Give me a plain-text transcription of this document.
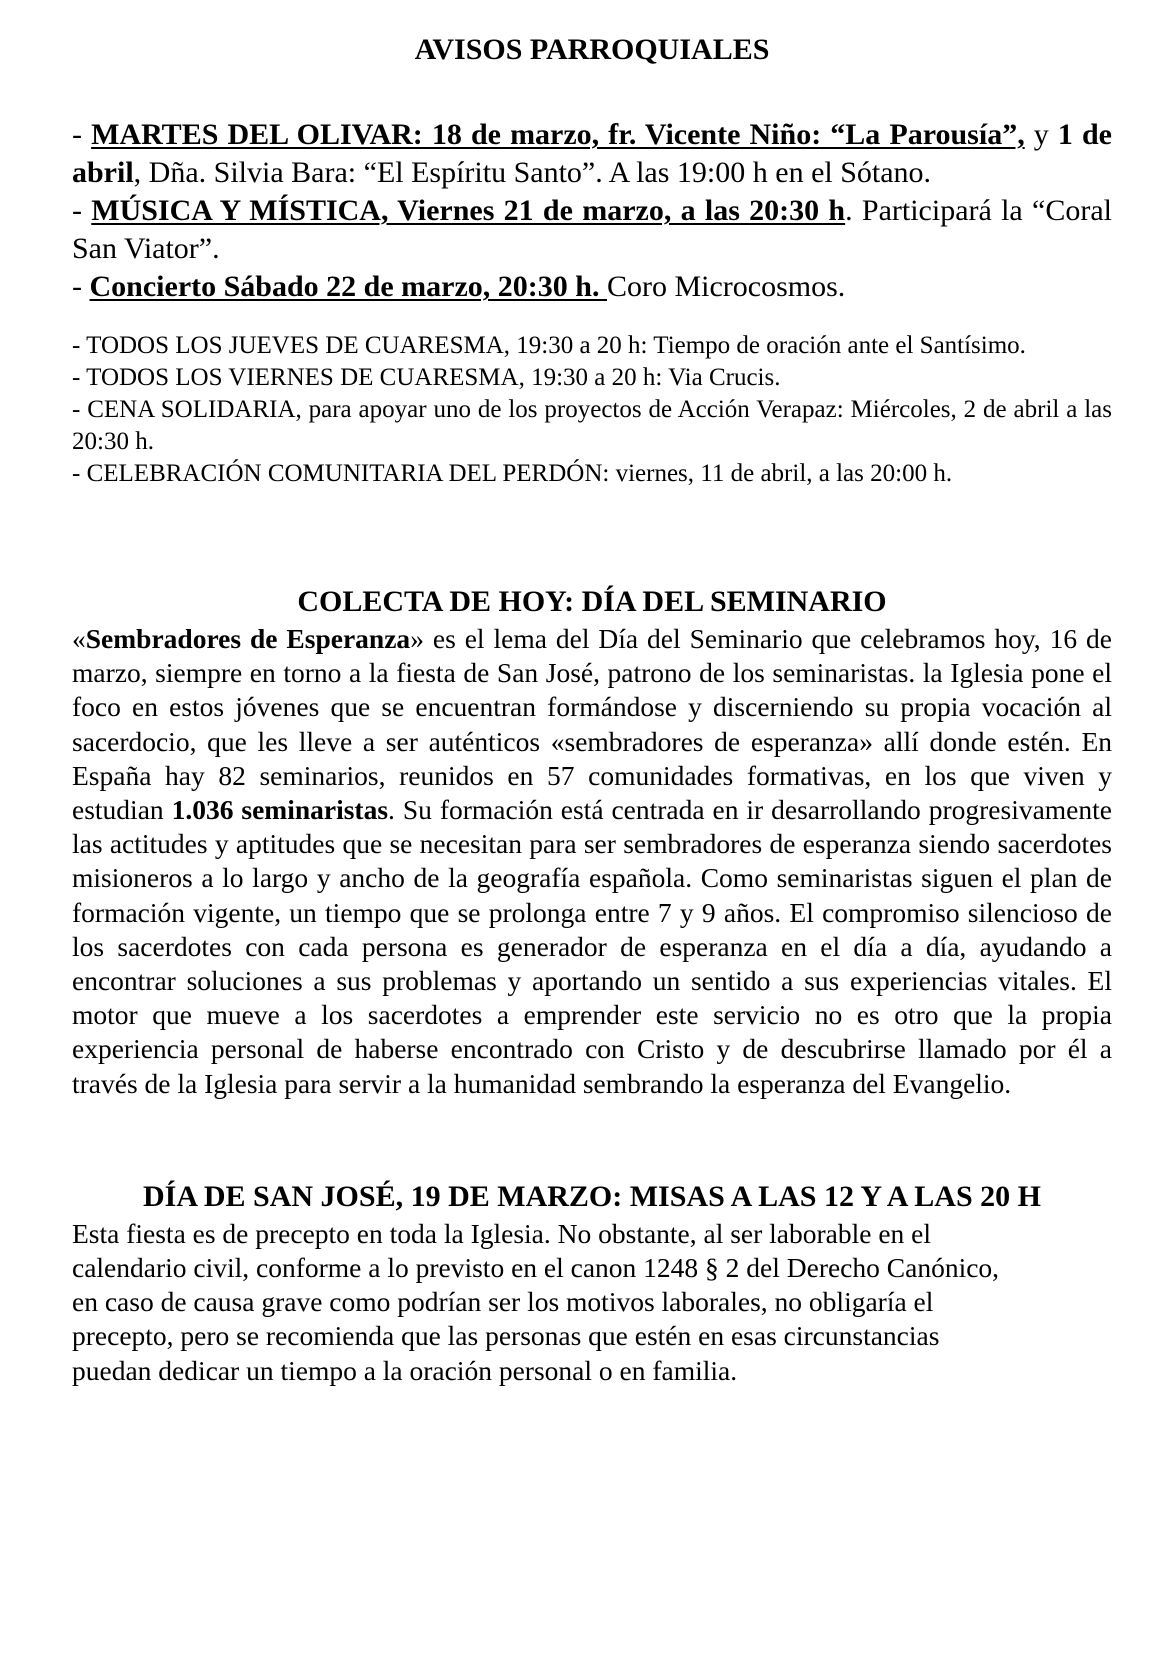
AVISOS PARROQUIALES

- MARTES DEL OLIVAR: 18 de marzo, fr. Vicente Niño: “La Parousía”, y 1 de abril, Dña. Silvia Bara: “El Espíritu Santo”. A las 19:00 h en el Sótano.

- MÚSICA Y MÍSTICA, Viernes 21 de marzo, a las 20:30 h. Participará la “Coral San Viator”.

- Concierto Sábado 22 de marzo, 20:30 h. Coro Microcosmos.

- TODOS LOS JUEVES DE CUARESMA, 19:30 a 20 h: Tiempo de oración ante el Santísimo.

- TODOS LOS VIERNES DE CUARESMA, 19:30 a 20 h: Via Crucis.

- CENA SOLIDARIA, para apoyar uno de los proyectos de Acción Verapaz: Miércoles, 2 de abril a las 20:30 h.

- CELEBRACIÓN COMUNITARIA DEL PERDÓN: viernes, 11 de abril, a las 20:00 h.

COLECTA DE HOY: DÍA DEL SEMINARIO

«Sembradores de Esperanza» es el lema del Día del Seminario que celebramos hoy, 16 de marzo, siempre en torno a la fiesta de San José, patrono de los seminaristas. la Iglesia pone el foco en estos jóvenes que se encuentran formándose y discerniendo su propia vocación al sacerdocio, que les lleve a ser auténticos «sembradores de esperanza» allí donde estén. En España hay 82 seminarios, reunidos en 57 comunidades formativas, en los que viven y estudian 1.036 seminaristas. Su formación está centrada en ir desarrollando progresivamente las actitudes y aptitudes que se necesitan para ser sembradores de esperanza siendo sacerdotes misioneros a lo largo y ancho de la geografía española. Como seminaristas siguen el plan de formación vigente, un tiempo que se prolonga entre 7 y 9 años. El compromiso silencioso de los sacerdotes con cada persona es generador de esperanza en el día a día, ayudando a encontrar soluciones a sus problemas y aportando un sentido a sus experiencias vitales. El motor que mueve a los sacerdotes a emprender este servicio no es otro que la propia experiencia personal de haberse encontrado con Cristo y de descubrirse llamado por él a través de la Iglesia para servir a la humanidad sembrando la esperanza del Evangelio.

DÍA DE SAN JOSÉ, 19 DE MARZO: MISAS A LAS 12 Y A LAS 20 H
Esta fiesta es de precepto en toda la Iglesia. No obstante, al ser laborable en el
calendario civil, conforme a lo previsto en el canon 1248 § 2 del Derecho Canónico,
en caso de causa grave como podrían ser los motivos laborales, no obligaría el
precepto, pero se recomienda que las personas que estén en esas circunstancias
puedan dedicar un tiempo a la oración personal o en familia.
